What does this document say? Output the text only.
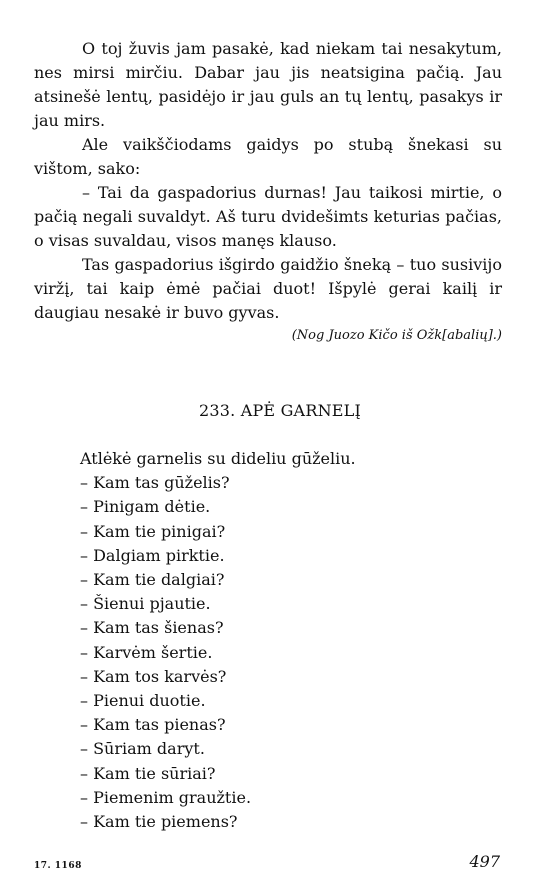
O toj žuvis jam pasakė, kad niekam tai nesakytum, nes mirsi mirčiu. Dabar jau jis neatsigina pačią. Jau atsinešė lentų, pasidėjo ir jau guls an tų lentų, pasakys ir jau mirs.

Ale vaikščiodams gaidys po stubą šnekasi su vištom, sako:

– Tai da gaspadorius durnas! Jau taikosi mirtie, o pačią negali suvaldyt. Aš turu dvidešimts keturias pačias, o visas suvaldau, visos manęs klauso.

Tas gaspadorius išgirdo gaidžio šneką – tuo susivijo viržį, tai kaip ėmė pačiai duot! Išpylė gerai kailį ir daugiau nesakė ir buvo gyvas.

(Nog Juozo Kičo iš Ožk[abalių].)
233. APĖ GARNELĮ
Atlėkė garnelis su dideliu gūželiu.
– Kam tas gūželis?
– Pinigam dėtie.
– Kam tie pinigai?
– Dalgiam pirktie.
– Kam tie dalgiai?
– Šienui pjautie.
– Kam tas šienas?
– Karvėm šertie.
– Kam tos karvės?
– Pienui duotie.
– Kam tas pienas?
– Sūriam daryt.
– Kam tie sūriai?
– Piemenim graužtie.
– Kam tie piemens?
17. 1168	497
